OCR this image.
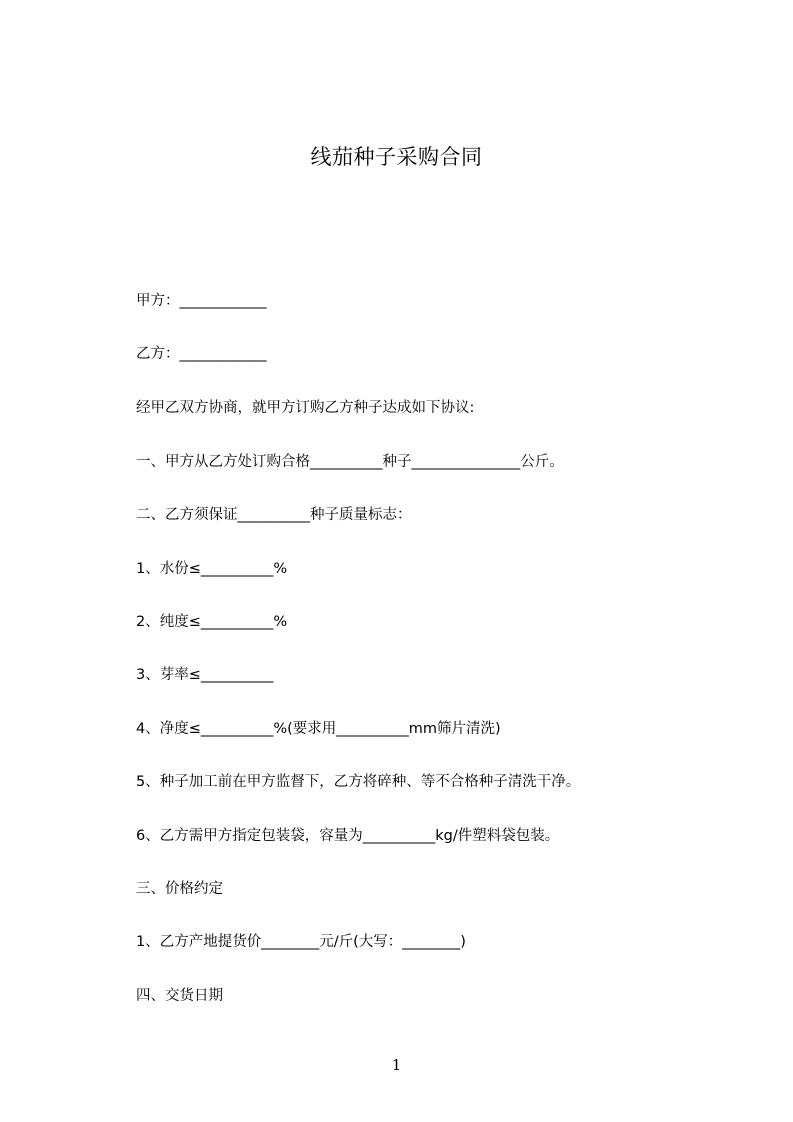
线茄种子采购合同
甲方：____________
乙方：____________
经甲乙双方协商，就甲方订购乙方种子达成如下协议:
一、甲方从乙方处订购合格__________种子_______________公斤。
二、乙方须保证__________种子质量标志：
1、水份≤__________%
2、纯度≤__________%
3、芽率≤__________
4、净度≤__________%(要求用__________mm筛片清洗)
5、种子加工前在甲方监督下，乙方将碎种、等不合格种子清洗干净。
6、乙方需甲方指定包装袋，容量为__________kg/件塑料袋包装。
三、价格约定
1、乙方产地提货价________元/斤(大写：________)
四、交货日期
1
